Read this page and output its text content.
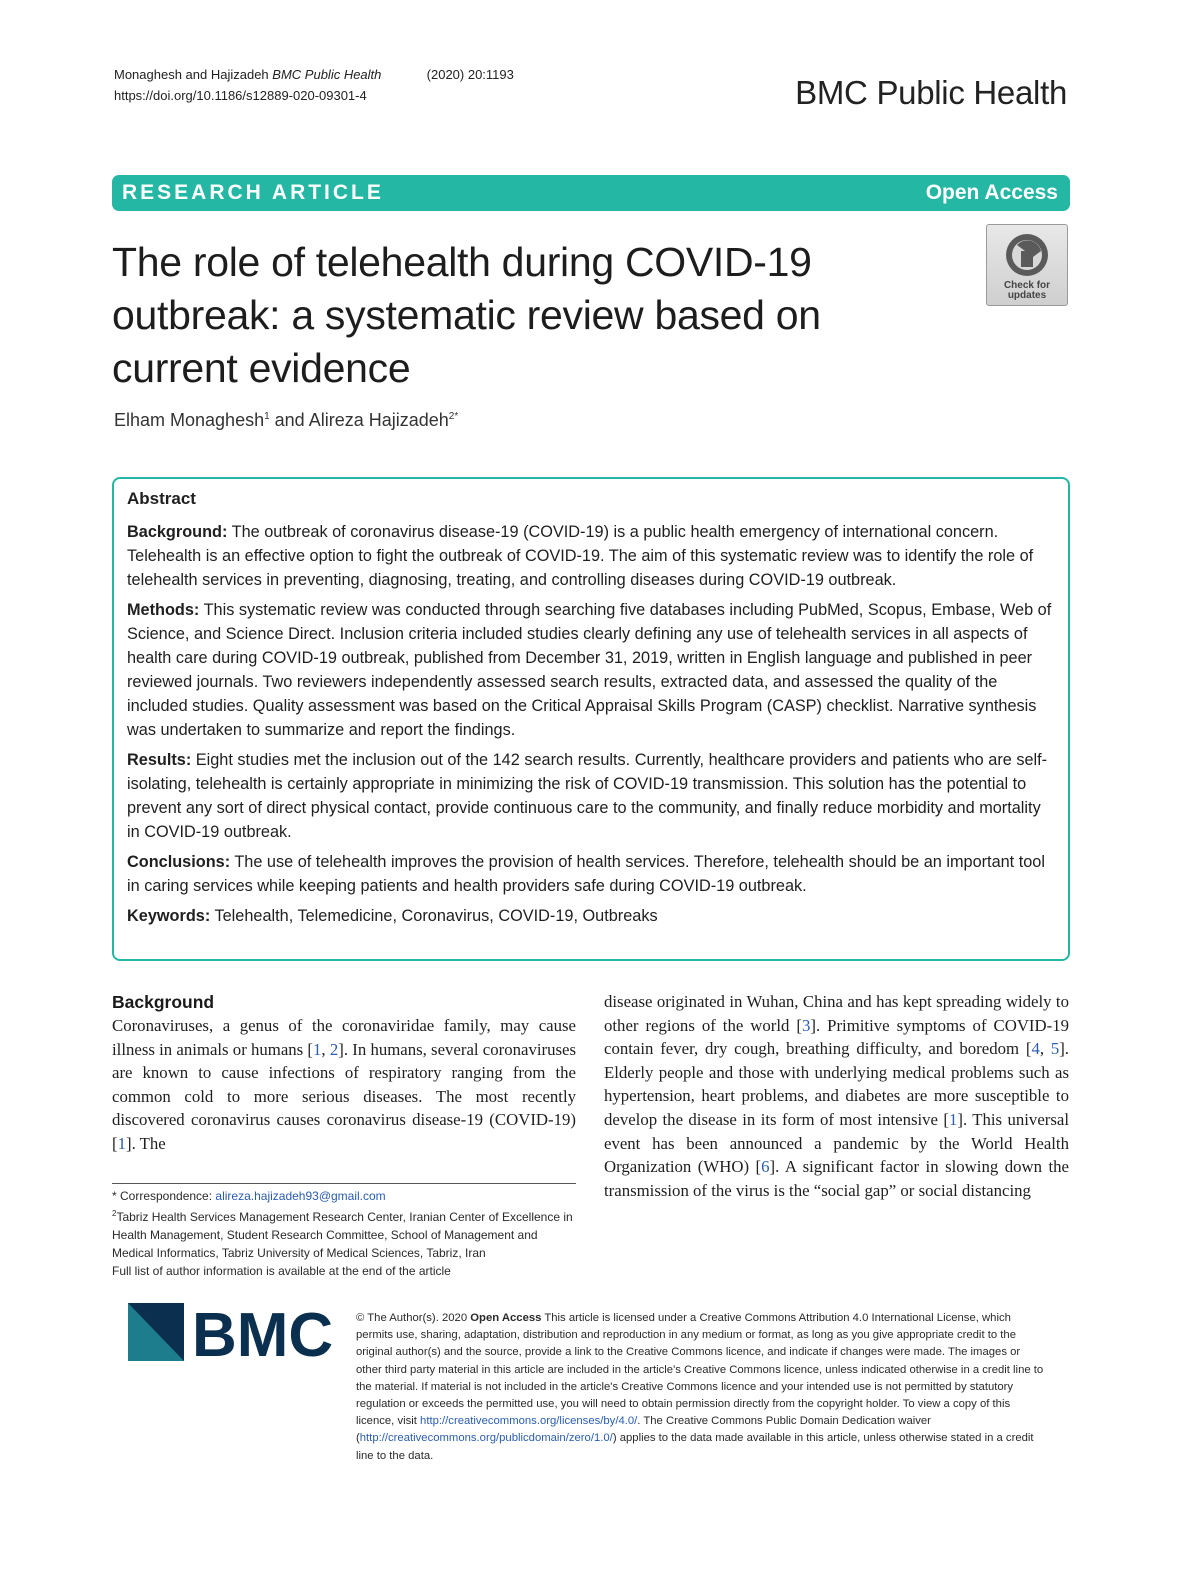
Monaghesh and Hajizadeh BMC Public Health	(2020) 20:1193
https://doi.org/10.1186/s12889-020-09301-4	BMC Public Health
RESEARCH ARTICLE	Open Access
The role of telehealth during COVID-19 outbreak: a systematic review based on current evidence
Check for updates
Elham Monaghesh$^1$ and Alireza Hajizadeh$^{2*}$
Abstract

Background: The outbreak of coronavirus disease-19 (COVID-19) is a public health emergency of international concern. Telehealth is an effective option to fight the outbreak of COVID-19. The aim of this systematic review was to identify the role of telehealth services in preventing, diagnosing, treating, and controlling diseases during COVID-19 outbreak.

Methods: This systematic review was conducted through searching five databases including PubMed, Scopus, Embase, Web of Science, and Science Direct. Inclusion criteria included studies clearly defining any use of telehealth services in all aspects of health care during COVID-19 outbreak, published from December 31, 2019, written in English language and published in peer reviewed journals. Two reviewers independently assessed search results, extracted data, and assessed the quality of the included studies. Quality assessment was based on the Critical Appraisal Skills Program (CASP) checklist. Narrative synthesis was undertaken to summarize and report the findings.

Results: Eight studies met the inclusion out of the 142 search results. Currently, healthcare providers and patients who are self-isolating, telehealth is certainly appropriate in minimizing the risk of COVID-19 transmission. This solution has the potential to prevent any sort of direct physical contact, provide continuous care to the community, and finally reduce morbidity and mortality in COVID-19 outbreak.

Conclusions: The use of telehealth improves the provision of health services. Therefore, telehealth should be an important tool in caring services while keeping patients and health providers safe during COVID-19 outbreak.

Keywords: Telehealth, Telemedicine, Coronavirus, COVID-19, Outbreaks

Background

Coronaviruses, a genus of the coronaviridae family, may cause illness in animals or humans [1, 2]. In humans, several coronaviruses are known to cause infections of respiratory ranging from the common cold to more serious diseases. The most recently discovered coronavirus causes coronavirus disease-19 (COVID-19) [1]. The

disease originated in Wuhan, China and has kept spreading widely to other regions of the world [3]. Primitive symptoms of COVID-19 contain fever, dry cough, breathing difficulty, and boredom [4, 5]. Elderly people and those with underlying medical problems such as hypertension, heart problems, and diabetes are more susceptible to develop the disease in its form of most intensive [1]. This universal event has been announced a pandemic by the World Health Organization (WHO) [6]. A significant factor in slowing down the transmission of the virus is the “social gap” or social distancing

* Correspondence: alireza.hajizadeh93@gmail.com
$^2$Tabriz Health Services Management Research Center, Iranian Center of Excellence in Health Management, Student Research Committee, School of Management and Medical Informatics, Tabriz University of Medical Sciences, Tabriz, Iran
Full list of author information is available at the end of the article
BMC © The Author(s). 2020 Open Access This article is licensed under a Creative Commons Attribution 4.0 International License, which permits use, sharing, adaptation, distribution and reproduction in any medium or format, as long as you give appropriate credit to the original author(s) and the source, provide a link to the Creative Commons licence, and indicate if changes were made. The images or other third party material in this article are included in the article's Creative Commons licence, unless indicated otherwise in a credit line to the material. If material is not included in the article's Creative Commons licence and your intended use is not permitted by statutory regulation or exceeds the permitted use, you will need to obtain permission directly from the copyright holder. To view a copy of this licence, visit http://creativecommons.org/licenses/by/4.0/. The Creative Commons Public Domain Dedication waiver (http://creativecommons.org/publicdomain/zero/1.0/) applies to the data made available in this article, unless otherwise stated in a credit line to the data.
